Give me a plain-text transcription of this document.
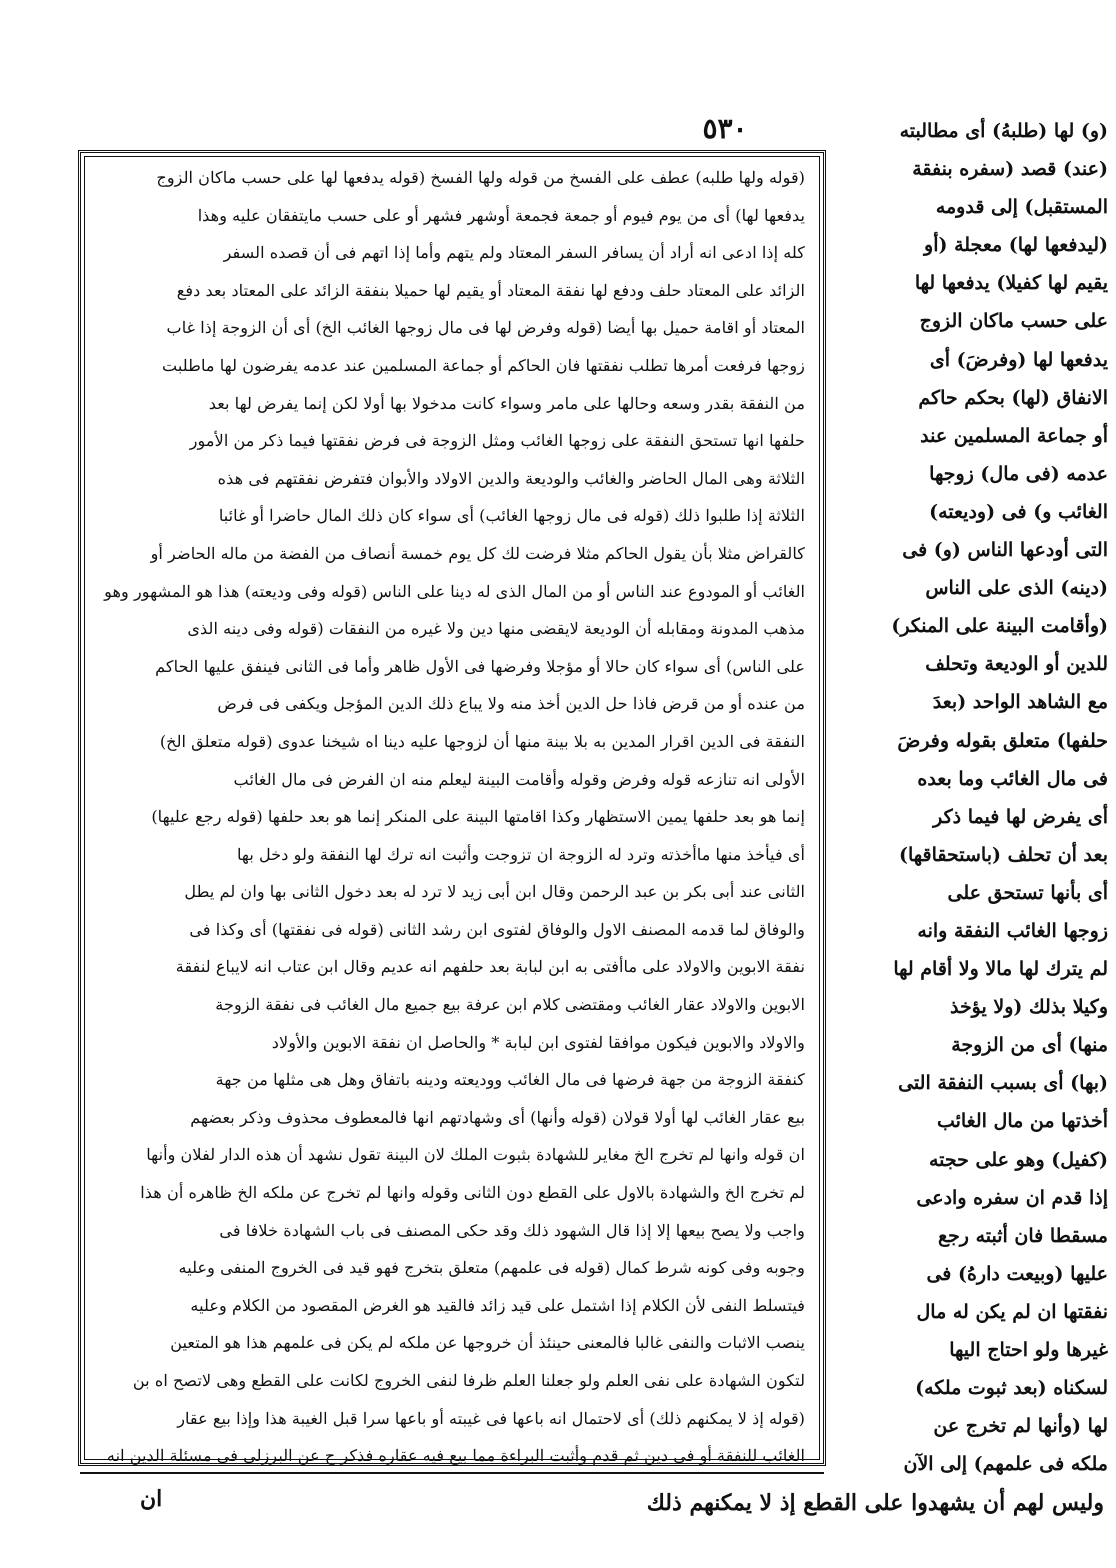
٥٣٠	(و) لها (طلبهُ) أى مطالبته
(عند) قصد (سفره بنفقة
المستقبل) إلى قدومه
(ليدفعها لها) معجلة (أو
يقيم لها كفيلا) يدفعها لها
على حسب ماكان الزوج
يدفعها لها (وفرضَ) أى
الانفاق (لها) بحكم حاكم
أو جماعة المسلمين عند
عدمه (فى مال) زوجها
الغائب و) فى (وديعته)
التى أودعها الناس (و) فى
(دينه) الذى على الناس
(وأقامت البينة على المنكر)
للدين أو الوديعة وتحلف
مع الشاهد الواحد (بعدَ
حلفها) متعلق بقوله وفرضَ
فى مال الغائب وما بعده
أى يفرض لها فيما ذكر
بعد أن تحلف (باستحقاقها)
أى بأنها تستحق على
زوجها الغائب النفقة وانه
لم يترك لها مالا ولا أقام لها
وكيلا بذلك (ولا يؤخذ
منها) أى من الزوجة
(بها) أى بسبب النفقة التى
أخذتها من مال الغائب
(كفيل) وهو على حجته
إذا قدم ان سفره وادعى
مسقطا فان أثبته رجع
عليها (وبيعت دارهُ) فى
نفقتها ان لم يكن له مال
غيرها ولو احتاج اليها
لسكناه (بعد ثبوت ملكه)
لها (وأنها لم تخرج عن
ملكه فى علمهم) إلى الآن
(قوله ولها طلبه) عطف على الفسخ من قوله ولها الفسخ (قوله يدفعها لها على حسب ماكان الزوج
يدفعها لها) أى من يوم فيوم أو جمعة فجمعة أوشهر فشهر أو على حسب مايتفقان عليه وهذا
كله إذا ادعى انه أراد أن يسافر السفر المعتاد ولم يتهم وأما إذا اتهم فى أن قصده السفر
الزائد على المعتاد حلف ودفع لها نفقة المعتاد أو يقيم لها حميلا بنفقة الزائد على المعتاد بعد دفع
المعتاد أو اقامة حميل بها أيضا (قوله وفرض لها فى مال زوجها الغائب الخ) أى أن الزوجة إذا غاب
زوجها فرفعت أمرها تطلب نفقتها فان الحاكم أو جماعة المسلمين عند عدمه يفرضون لها ماطلبت
من النفقة بقدر وسعه وحالها على مامر وسواء كانت مدخولا بها أولا لكن إنما يفرض لها بعد
حلفها انها تستحق النفقة على زوجها الغائب ومثل الزوجة فى فرض نفقتها فيما ذكر من الأمور
الثلاثة وهى المال الحاضر والغائب والوديعة والدين الاولاد والأبوان فتفرض نفقتهم فى هذه
الثلاثة إذا طلبوا ذلك (قوله فى مال زوجها الغائب) أى سواء كان ذلك المال حاضرا أو غائبا
كالقراض مثلا بأن يقول الحاكم مثلا فرضت لك كل يوم خمسة أنصاف من الفضة من ماله الحاضر أو
الغائب أو المودوع عند الناس أو من المال الذى له دينا على الناس (قوله وفى وديعته) هذا هو المشهور وهو
مذهب المدونة ومقابله أن الوديعة لايقضى منها دين ولا غيره من النفقات (قوله وفى دينه الذى
على الناس) أى سواء كان حالا أو مؤجلا وفرضها فى الأول ظاهر وأما فى الثانى فينفق عليها الحاكم
من عنده أو من قرض فاذا حل الدين أخذ منه ولا يباع ذلك الدين المؤجل ويكفى فى فرض
النفقة فى الدين اقرار المدين به بلا بينة منها أن لزوجها عليه دينا اه شيخنا عدوى (قوله متعلق الخ)
الأولى انه تنازعه قوله وفرض وقوله وأقامت البينة ليعلم منه ان الفرض فى مال الغائب
إنما هو بعد حلفها يمين الاستظهار وكذا اقامتها البينة على المنكر إنما هو بعد حلفها (قوله رجع عليها)
أى فيأخذ منها ماأخذته وترد له الزوجة ان تزوجت وأثبت انه ترك لها النفقة ولو دخل بها
الثانى عند أبى بكر بن عبد الرحمن وقال ابن أبى زيد لا ترد له بعد دخول الثانى بها وان لم يطل
والوفاق لما قدمه المصنف الاول والوفاق لفتوى ابن رشد الثانى (قوله فى نفقتها) أى وكذا فى
نفقة الابوين والاولاد على ماأفتى به ابن لبابة بعد حلفهم انه عديم وقال ابن عتاب انه لايباع لنفقة
الابوين والاولاد عقار الغائب ومقتضى كلام ابن عرفة بيع جميع مال الغائب فى نفقة الزوجة
والاولاد والابوين فيكون موافقا لفتوى ابن لبابة * والحاصل ان نفقة الابوين والأولاد
كنفقة الزوجة من جهة فرضها فى مال الغائب ووديعته ودينه باتفاق وهل هى مثلها من جهة
بيع عقار الغائب لها أولا قولان (قوله وأنها) أى وشهادتهم انها فالمعطوف محذوف وذكر بعضهم
ان قوله وانها لم تخرج الخ مغاير للشهادة بثبوت الملك لان البينة تقول نشهد أن هذه الدار لفلان وأنها
لم تخرج الخ والشهادة بالاول على القطع دون الثانى وقوله وانها لم تخرج عن ملكه الخ ظاهره أن هذا
واجب ولا يصح بيعها إلا إذا قال الشهود ذلك وقد حكى المصنف فى باب الشهادة خلافا فى
وجوبه وفى كونه شرط كمال (قوله فى علمهم) متعلق بتخرج فهو قيد فى الخروج المنفى وعليه
فيتسلط النفى لأن الكلام إذا اشتمل على قيد زائد فالقيد هو الغرض المقصود من الكلام وعليه
ينصب الاثبات والنفى غالبا فالمعنى حينئذ أن خروجها عن ملكه لم يكن فى علمهم هذا هو المتعين
لتكون الشهادة على نفى العلم ولو جعلنا العلم ظرفا لنفى الخروج لكانت على القطع وهى لاتصح اه بن
(قوله إذ لا يمكنهم ذلك) أى لاحتمال انه باعها فى غيبته أو باعها سرا قبل الغيبة هذا وإذا بيع عقار
الغائب للنفقة أو فى دين ثم قدم وأثبت البراءة مما بيع فيه عقاره فذكر ح عن البرزلى فى مسئلة الدين انه
وليس لهم أن يشهدوا على القطع إذ لا يمكنهم ذلك
ان
